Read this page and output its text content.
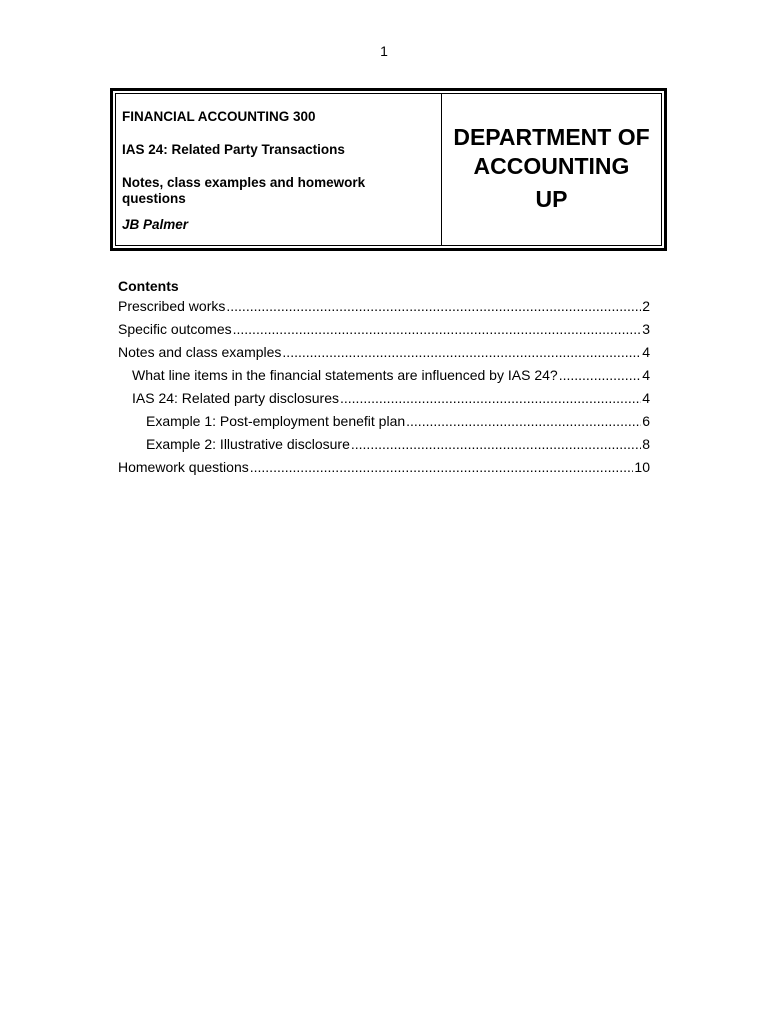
1
FINANCIAL ACCOUNTING 300
IAS 24: Related Party Transactions
Notes, class examples and homework questions
JB Palmer
DEPARTMENT OF
ACCOUNTING
UP
Contents
Prescribed works .....	2
Specific outcomes .....	3
Notes and class examples .....	4
What line items in the financial statements are influenced by IAS 24? .....	4
IAS 24: Related party disclosures .....	4
Example 1: Post-employment benefit plan .....	6
Example 2: Illustrative disclosure .....	8
Homework questions .....	10
